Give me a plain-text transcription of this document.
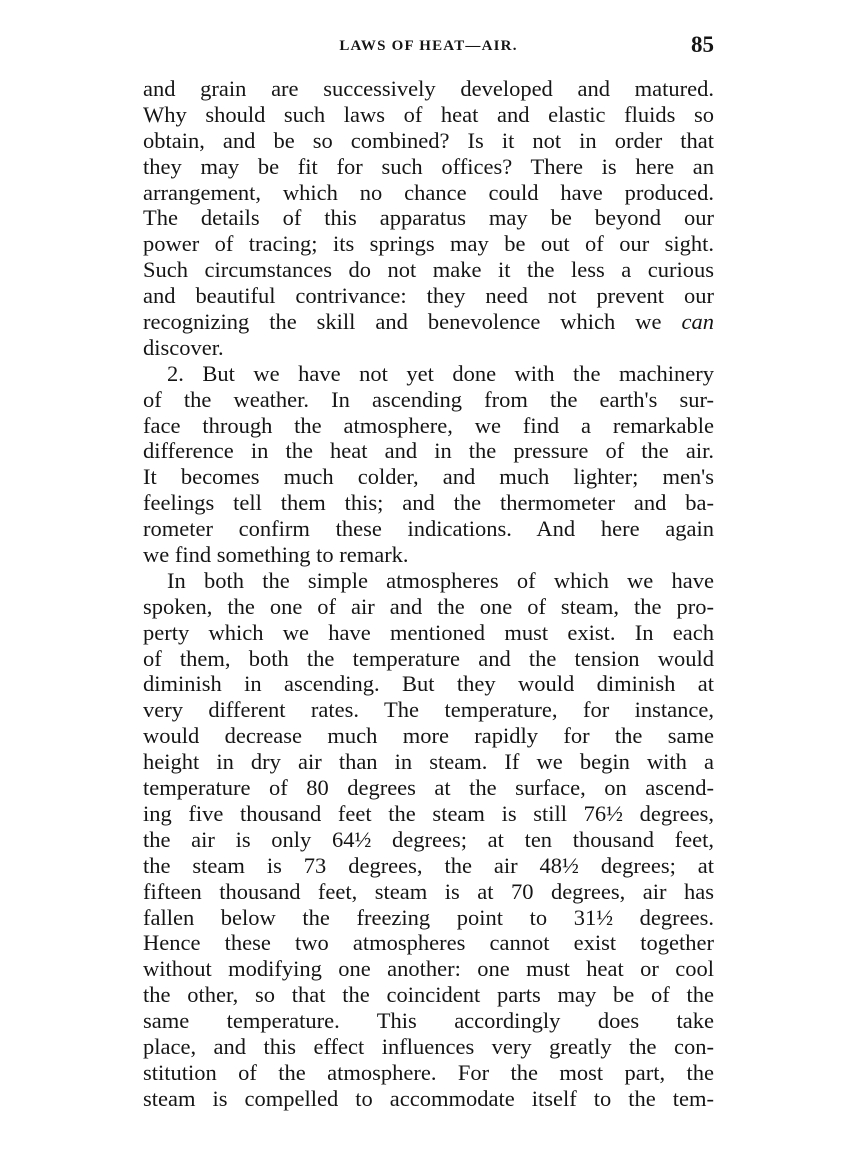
LAWS OF HEAT—AIR.	85
and grain are successively developed and matured.
Why should such laws of heat and elastic fluids so
obtain, and be so combined? Is it not in order that
they may be fit for such offices? There is here an
arrangement, which no chance could have produced.
The details of this apparatus may be beyond our
power of tracing; its springs may be out of our sight.
Such circumstances do not make it the less a curious
and beautiful contrivance: they need not prevent our
recognizing the skill and benevolence which we can
discover.
2. But we have not yet done with the machinery
of the weather. In ascending from the earth's sur-
face through the atmosphere, we find a remarkable
difference in the heat and in the pressure of the air.
It becomes much colder, and much lighter; men's
feelings tell them this; and the thermometer and ba-
rometer confirm these indications. And here again
we find something to remark.
In both the simple atmospheres of which we have
spoken, the one of air and the one of steam, the pro-
perty which we have mentioned must exist. In each
of them, both the temperature and the tension would
diminish in ascending. But they would diminish at
very different rates. The temperature, for instance,
would decrease much more rapidly for the same
height in dry air than in steam. If we begin with a
temperature of 80 degrees at the surface, on ascend-
ing five thousand feet the steam is still 76½ degrees,
the air is only 64½ degrees; at ten thousand feet,
the steam is 73 degrees, the air 48½ degrees; at
fifteen thousand feet, steam is at 70 degrees, air has
fallen below the freezing point to 31½ degrees.
Hence these two atmospheres cannot exist together
without modifying one another: one must heat or cool
the other, so that the coincident parts may be of the
same temperature. This accordingly does take
place, and this effect influences very greatly the con-
stitution of the atmosphere. For the most part, the
steam is compelled to accommodate itself to the tem-
